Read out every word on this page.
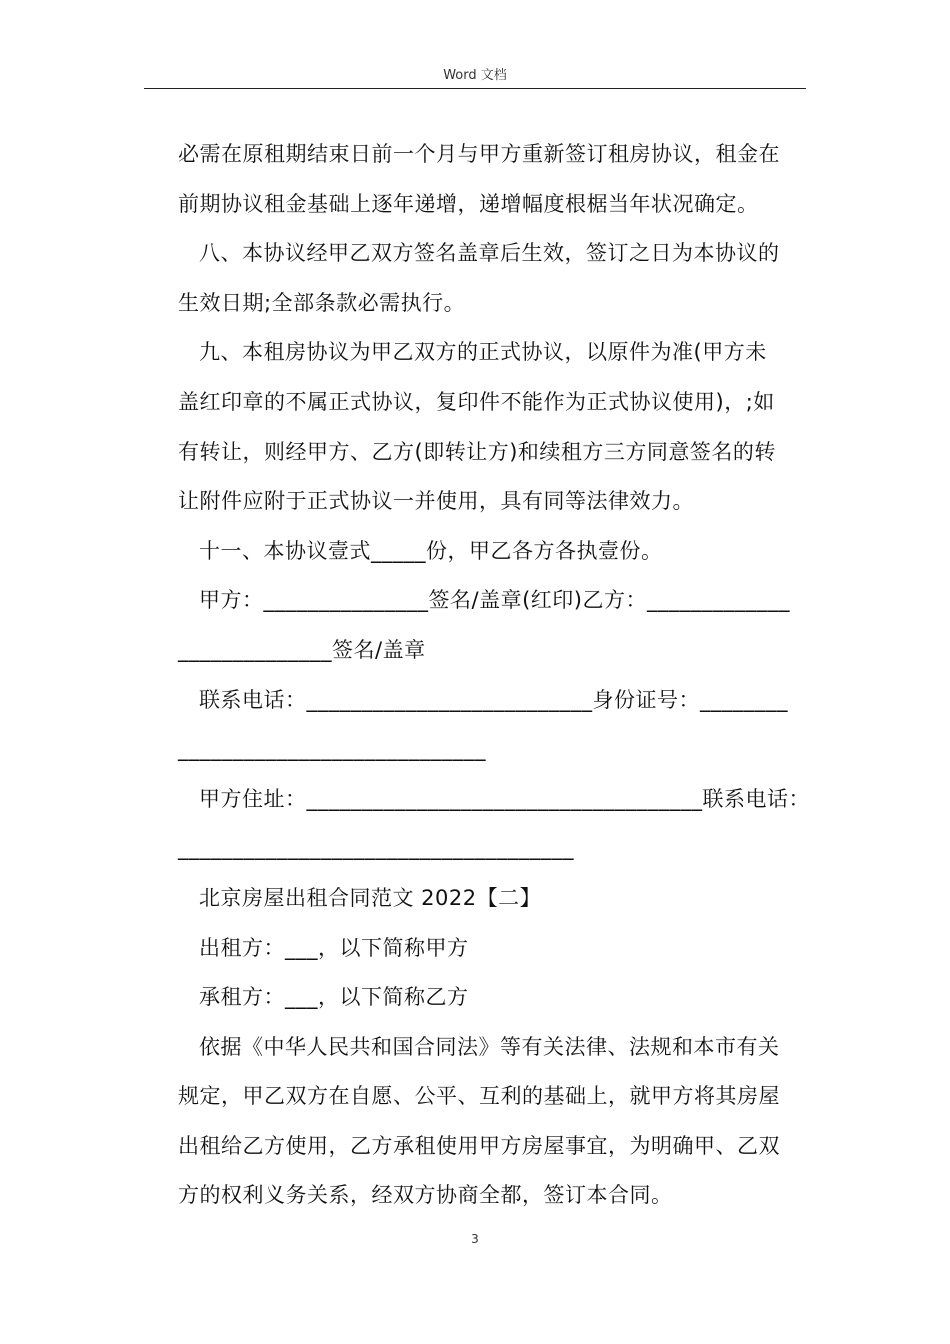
Word 文档
必需在原租期结束日前一个月与甲方重新签订租房协议，租金在
前期协议租金基础上逐年递增，递增幅度根椐当年状况确定。
八、本协议经甲乙双方签名盖章后生效，签订之日为本协议的
生效日期;全部条款必需执行。
九、本租房协议为甲乙双方的正式协议，以原件为准(甲方未
盖红印章的不属正式协议，复印件不能作为正式协议使用)，;如
有转让，则经甲方、乙方(即转让方)和续租方三方同意签名的转
让附件应附于正式协议一并使用，具有同等法律效力。
十一、本协议壹式_____份，甲乙各方各执壹份。
甲方：_______________签名/盖章(红印)乙方：_____________
______________签名/盖章
联系电话：__________________________身份证号：________
____________________________
甲方住址：____________________________________联系电话：
____________________________________
北京房屋出租合同范文 2022【二】
出租方：___，以下简称甲方
承租方：___，以下简称乙方
依据《中华人民共和国合同法》等有关法律、法规和本市有关
规定，甲乙双方在自愿、公平、互利的基础上，就甲方将其房屋
出租给乙方使用，乙方承租使用甲方房屋事宜，为明确甲、乙双
方的权利义务关系，经双方协商全都，签订本合同。
3
